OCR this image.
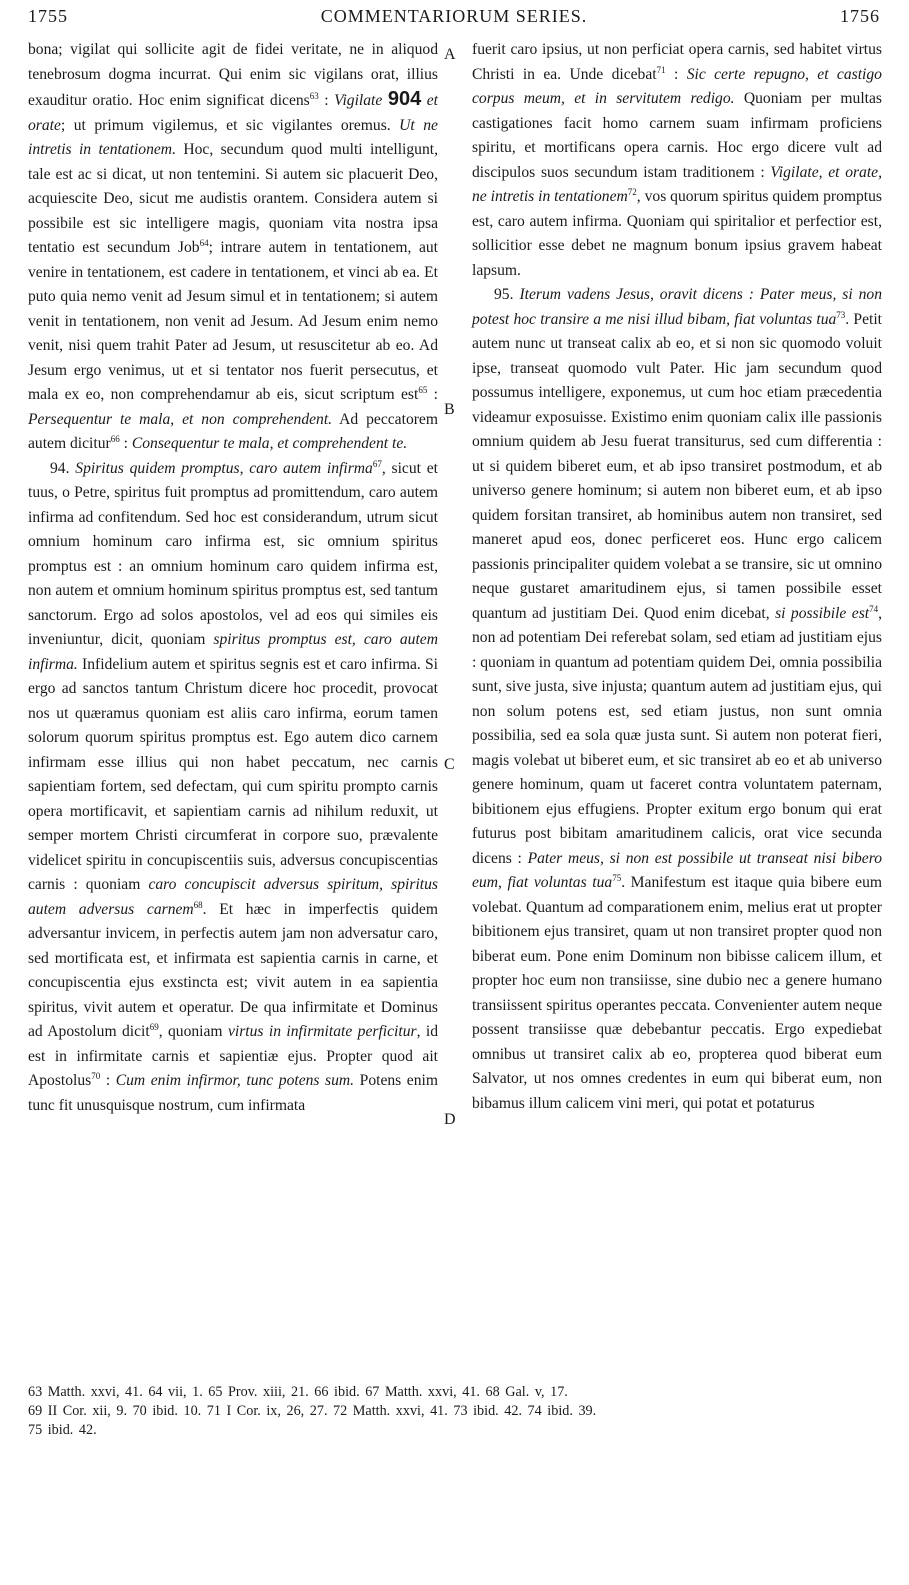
1755	COMMENTARIORUM SERIES.	1756
A
B
C
D

bona; vigilat qui sollicite agit de fidei veritate, ne in aliquod tenebrosum dogma incurrat. Qui enim sic vigilans orat, illius exauditur oratio. Hoc enim significat dicens$^{63}$ : Vigilate 904 et orate; ut primum vigilemus, et sic vigilantes oremus. Ut ne intretis in tentationem. Hoc, secundum quod multi intelligunt, tale est ac si dicat, ut non tentemini. Si autem sic placuerit Deo, acquiescite Deo, sicut me audistis orantem. Considera autem si possibile est sic intelligere magis, quoniam vita nostra ipsa tentatio est secundum Job$^{64}$; intrare autem in tentationem, aut venire in tentationem, est cadere in tentationem, et vinci ab ea. Et puto quia nemo venit ad Jesum simul et in tentationem; si autem venit in tentationem, non venit ad Jesum. Ad Jesum enim nemo venit, nisi quem trahit Pater ad Jesum, ut resuscitetur ab eo. Ad Jesum ergo venimus, ut et si tentator nos fuerit persecutus, et mala ex eo, non comprehendamur ab eis, sicut scriptum est$^{65}$ : Persequentur te mala, et non comprehendent. Ad peccatorem autem dicitur$^{66}$ : Consequentur te mala, et comprehendent te.

94. Spiritus quidem promptus, caro autem infirma$^{67}$, sicut et tuus, o Petre, spiritus fuit promptus ad promittendum, caro autem infirma ad confitendum. Sed hoc est considerandum, utrum sicut omnium hominum caro infirma est, sic omnium spiritus promptus est : an omnium hominum caro quidem infirma est, non autem et omnium hominum spiritus promptus est, sed tantum sanctorum. Ergo ad solos apostolos, vel ad eos qui similes eis inveniuntur, dicit, quoniam spiritus promptus est, caro autem infirma. Infidelium autem et spiritus segnis est et caro infirma. Si ergo ad sanctos tantum Christum dicere hoc procedit, provocat nos ut quæramus quoniam est aliis caro infirma, eorum tamen solorum quorum spiritus promptus est. Ego autem dico carnem infirmam esse illius qui non habet peccatum, nec carnis sapientiam fortem, sed defectam, qui cum spiritu prompto carnis opera mortificavit, et sapientiam carnis ad nihilum reduxit, ut semper mortem Christi circumferat in corpore suo, prævalente videlicet spiritu in concupiscentiis suis, adversus concupiscentias carnis : quoniam caro concupiscit adversus spiritum, spiritus autem adversus carnem$^{68}$. Et hæc in imperfectis quidem adversantur invicem, in perfectis autem jam non adversatur caro, sed mortificata est, et infirmata est sapientia carnis in carne, et concupiscentia ejus exstincta est; vivit autem in ea sapientia spiritus, vivit autem et operatur. De qua infirmitate et Dominus ad Apostolum dicit$^{69}$, quoniam virtus in infirmitate perficitur, id est in infirmitate carnis et sapientiæ ejus. Propter quod ait Apostolus$^{70}$ : Cum enim infirmor, tunc potens sum. Potens enim tunc fit unusquisque nostrum, cum infirmata

fuerit caro ipsius, ut non perficiat opera carnis, sed habitet virtus Christi in ea. Unde dicebat$^{71}$ : Sic certe repugno, et castigo corpus meum, et in servitutem redigo. Quoniam per multas castigationes facit homo carnem suam infirmam proficiens spiritu, et mortificans opera carnis. Hoc ergo dicere vult ad discipulos suos secundum istam traditionem : Vigilate, et orate, ne intretis in tentationem$^{72}$, vos quorum spiritus quidem promptus est, caro autem infirma. Quoniam qui spiritalior et perfectior est, sollicitior esse debet ne magnum bonum ipsius gravem habeat lapsum.

95. Iterum vadens Jesus, oravit dicens : Pater meus, si non potest hoc transire a me nisi illud bibam, fiat voluntas tua$^{73}$. Petit autem nunc ut transeat calix ab eo, et si non sic quomodo voluit ipse, transeat quomodo vult Pater. Hic jam secundum quod possumus intelligere, exponemus, ut cum hoc etiam præcedentia videamur exposuisse. Existimo enim quoniam calix ille passionis omnium quidem ab Jesu fuerat transiturus, sed cum differentia : ut si quidem biberet eum, et ab ipso transiret postmodum, et ab universo genere hominum; si autem non biberet eum, et ab ipso quidem forsitan transiret, ab hominibus autem non transiret, sed maneret apud eos, donec perficeret eos. Hunc ergo calicem passionis principaliter quidem volebat a se transire, sic ut omnino neque gustaret amaritudinem ejus, si tamen possibile esset quantum ad justitiam Dei. Quod enim dicebat, si possibile est$^{74}$, non ad potentiam Dei referebat solam, sed etiam ad justitiam ejus : quoniam in quantum ad potentiam quidem Dei, omnia possibilia sunt, sive justa, sive injusta; quantum autem ad justitiam ejus, qui non solum potens est, sed etiam justus, non sunt omnia possibilia, sed ea sola quæ justa sunt. Si autem non poterat fieri, magis volebat ut biberet eum, et sic transiret ab eo et ab universo genere hominum, quam ut faceret contra voluntatem paternam, bibitionem ejus effugiens. Propter exitum ergo bonum qui erat futurus post bibitam amaritudinem calicis, orat vice secunda dicens : Pater meus, si non est possibile ut transeat nisi bibero eum, fiat voluntas tua$^{75}$. Manifestum est itaque quia bibere eum volebat. Quantum ad comparationem enim, melius erat ut propter bibitionem ejus transiret, quam ut non transiret propter quod non biberat eum. Pone enim Dominum non bibisse calicem illum, et propter hoc eum non transiisse, sine dubio nec a genere humano transiissent spiritus operantes peccata. Convenienter autem neque possent transiisse quæ debebantur peccatis. Ergo expediebat omnibus ut transiret calix ab eo, propterea quod biberat eum Salvator, ut nos omnes credentes in eum qui biberat eum, non bibamus illum calicem vini meri, qui potat et potaturus

63 Matth. xxvi, 41. 64 vii, 1. 65 Prov. xiii, 21. 66 ibid. 67 Matth. xxvi, 41. 68 Gal. v, 17.
69 II Cor. xii, 9. 70 ibid. 10. 71 I Cor. ix, 26, 27. 72 Matth. xxvi, 41. 73 ibid. 42. 74 ibid. 39.
75 ibid. 42.
